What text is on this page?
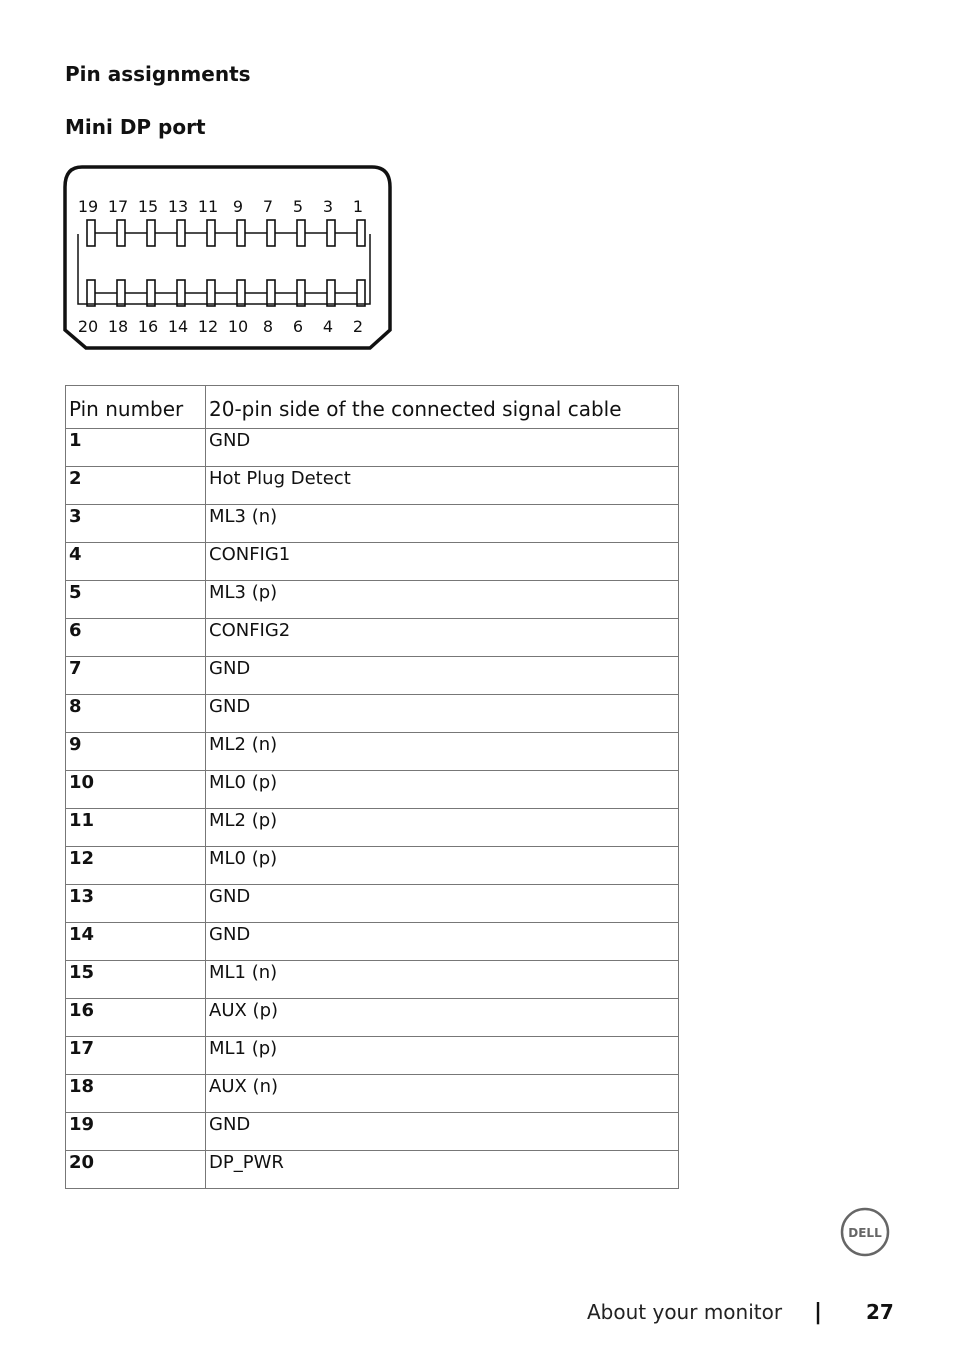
Pin assignments
Mini DP port
19 17 15 13 11 9 7 5 3 1
20 18 16 14 12 10 8 6 4 2
Pin number	20-pin side of the connected signal cable
1	GND
2	Hot Plug Detect
3	ML3 (n)
4	CONFIG1
5	ML3 (p)
6	CONFIG2
7	GND
8	GND
9	ML2 (n)
10	ML0 (p)
11	ML2 (p)
12	ML0 (p)
13	GND
14	GND
15	ML1 (n)
16	AUX (p)
17	ML1 (p)
18	AUX (n)
19	GND
20	DP_PWR
DELL
About your monitor | 27
